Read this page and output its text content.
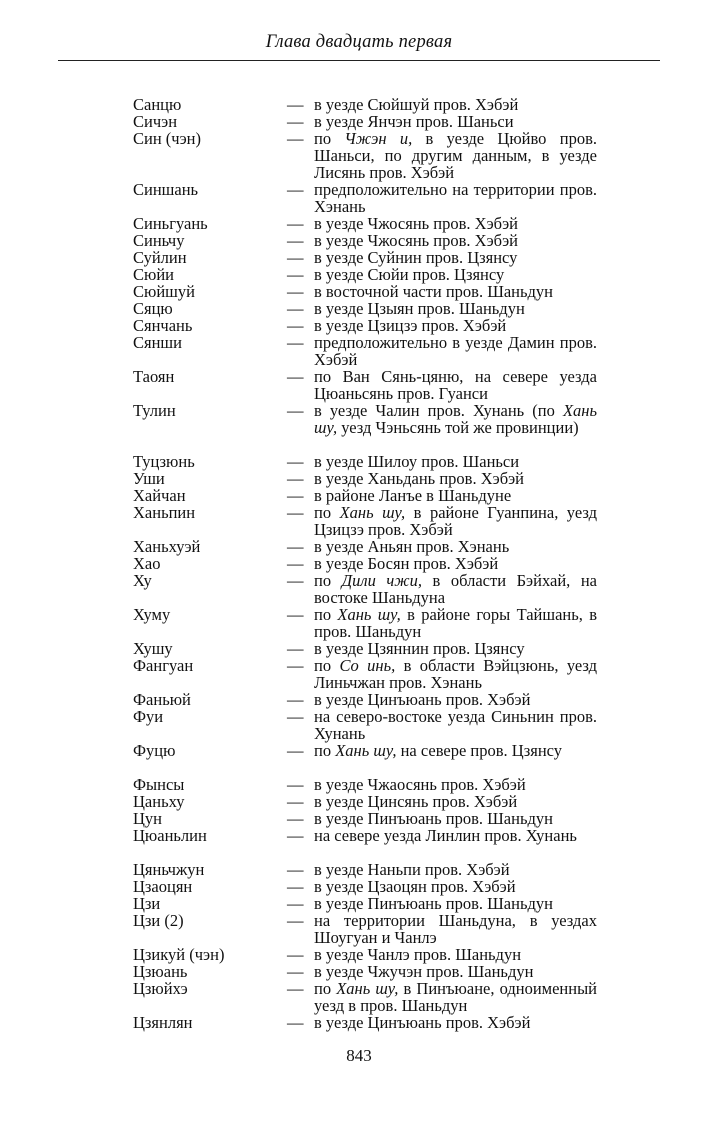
Глава двадцать первая
Санцю	— в уезде Сюйшуй пров. Хэбэй
Сичэн	— в уезде Янчэн пров. Шаньси
Син (чэн)	— по Чжэн и, в уезде Цюйво пров. Шаньси, по другим данным, в уезде Лисянь пров. Хэбэй
Синшань	— предположительно на территории пров. Хэнань
Синьгуань	— в уезде Чжосянь пров. Хэбэй
Синьчу	— в уезде Чжосянь пров. Хэбэй
Суйлин	— в уезде Суйнин пров. Цзянсу
Сюйи	— в уезде Сюйи пров. Цзянсу
Сюйшуй	— в восточной части пров. Шаньдун
Сяцю	— в уезде Цзыян пров. Шаньдун
Сянчань	— в уезде Цзицзэ пров. Хэбэй
Сянши	— предположительно в уезде Дамин пров. Хэбэй
Таоян	— по Ван Сянь-цяню, на севере уезда Цюаньсянь пров. Гуанси
Тулин	— в уезде Чалин пров. Хунань (по Хань шу, уезд Чэньсянь той же провинции)
Туцзюнь	— в уезде Шилоу пров. Шаньси
Уши	— в уезде Ханьдань пров. Хэбэй
Хайчан	— в районе Ланъе в Шаньдуне
Ханьпин	— по Хань шу, в районе Гуанпина, уезд Цзицзэ пров. Хэбэй
Ханьхуэй	— в уезде Аньян пров. Хэнань
Хао	— в уезде Босян пров. Хэбэй
Ху	— по Дили чжи, в области Бэйхай, на востоке Шаньдуна
Хуму	— по Хань шу, в районе горы Тайшань, в пров. Шаньдун
Хушу	— в уезде Цзяннин пров. Цзянсу
Фангуан	— по Со инь, в области Вэйцзюнь, уезд Линьчжан пров. Хэнань
Фаньюй	— в уезде Цинъюань пров. Хэбэй
Фуи	— на северо-востоке уезда Синьнин пров. Хунань
Фуцю	— по Хань шу, на севере пров. Цзянсу
Фынсы	— в уезде Чжаосянь пров. Хэбэй
Цаньху	— в уезде Цинсянь пров. Хэбэй
Цун	— в уезде Пинъюань пров. Шаньдун
Цюаньлин	— на севере уезда Линлин пров. Хунань
Цяньчжун	— в уезде Наньпи пров. Хэбэй
Цзаоцян	— в уезде Цзаоцян пров. Хэбэй
Цзи	— в уезде Пинъюань пров. Шаньдун
Цзи (2)	— на территории Шаньдуна, в уездах Шоугуан и Чанлэ
Цзикуй (чэн)	— в уезде Чанлэ пров. Шаньдун
Цзюань	— в уезде Чжучэн пров. Шаньдун
Цзюйхэ	— по Хань шу, в Пинъюане, одноименный уезд в пров. Шаньдун
Цзянлян	— в уезде Цинъюань пров. Хэбэй
843
